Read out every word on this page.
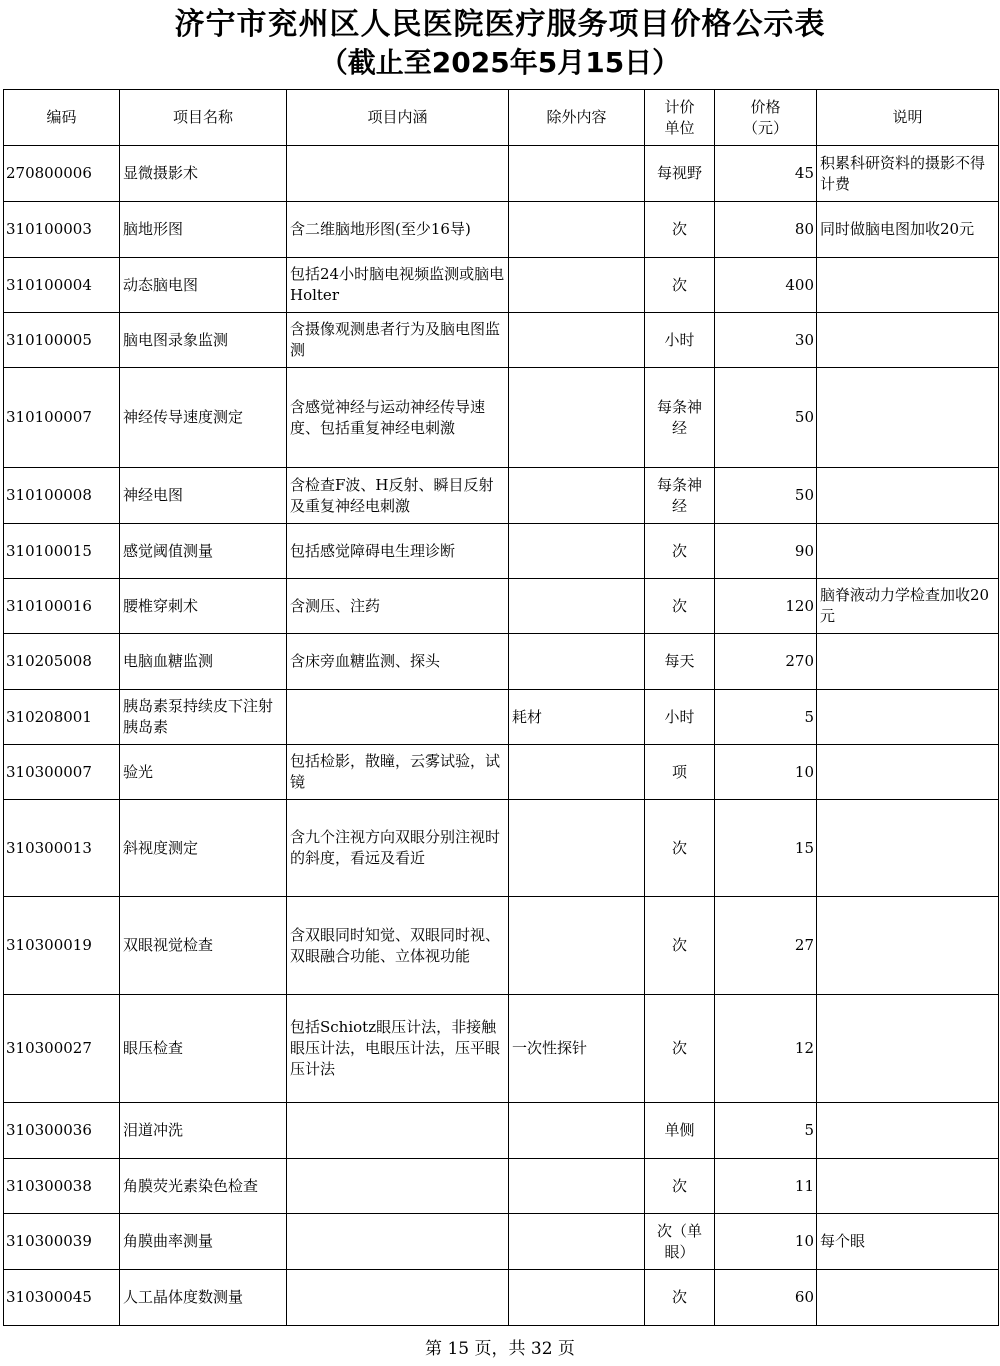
济宁市兖州区人民医院医疗服务项目价格公示表
（截止至2025年5月15日）
编码	项目名称	项目内涵	除外内容	计价单位	价格（元）	说明
270800006	显微摄影术			每视野	45	积累科研资料的摄影不得计费
310100003	脑地形图	含二维脑地形图(至少16导)		次	80	同时做脑电图加收20元
310100004	动态脑电图	包括24小时脑电视频监测或脑电Holter		次	400	
310100005	脑电图录象监测	含摄像观测患者行为及脑电图监测		小时	30	
310100007	神经传导速度测定	含感觉神经与运动神经传导速度、包括重复神经电刺激		每条神经	50	
310100008	神经电图	含检查F波、H反射、瞬目反射及重复神经电刺激		每条神经	50	
310100015	感觉阈值测量	包括感觉障碍电生理诊断		次	90	
310100016	腰椎穿刺术	含测压、注药		次	120	脑脊液动力学检查加收20元
310205008	电脑血糖监测	含床旁血糖监测、探头		每天	270	
310208001	胰岛素泵持续皮下注射胰岛素		耗材	小时	5	
310300007	验光	包括检影，散瞳，云雾试验，试镜		项	10	
310300013	斜视度测定	含九个注视方向双眼分别注视时的斜度，看远及看近		次	15	
310300019	双眼视觉检查	含双眼同时知觉、双眼同时视、双眼融合功能、立体视功能		次	27	
310300027	眼压检查	包括Schiotz眼压计法，非接触眼压计法，电眼压计法，压平眼压计法	一次性探针	次	12	
310300036	泪道冲洗			单侧	5	
310300038	角膜荧光素染色检查			次	11	
310300039	角膜曲率测量			次（单眼）	10	每个眼
310300045	人工晶体度数测量			次	60	
第 15 页，共 32 页
